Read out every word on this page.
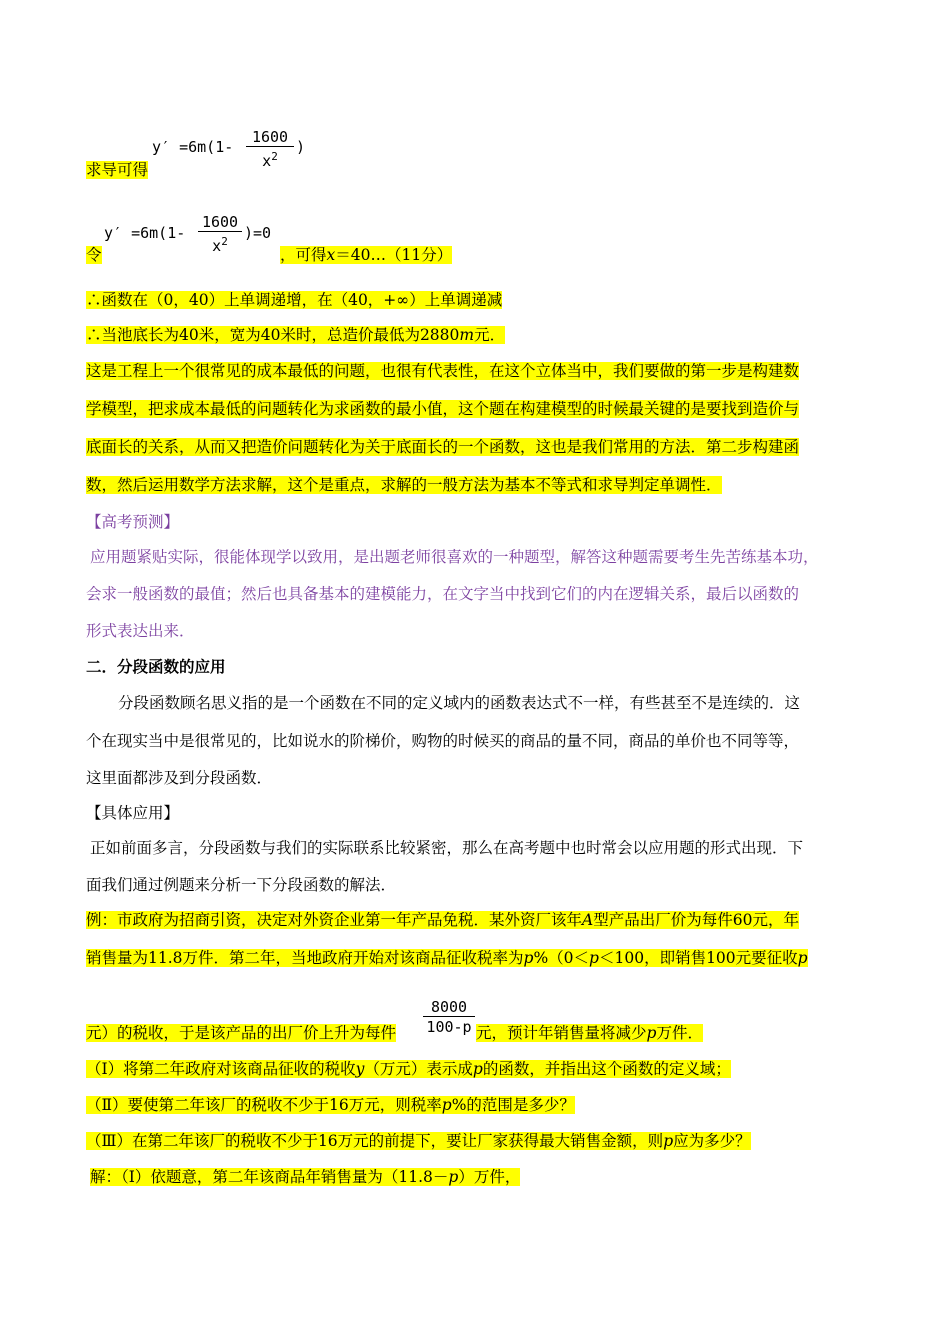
$y' =6m(1- \frac{1600}{x^2}$ )
求导可得
$y' =6m(1- \frac{1600}{x^2} )=0$
令	，可得x＝40…（11分）
∴函数在（0，40）上单调递增，在（40，+∞）上单调递减
∴当池底长为40米，宽为40米时，总造价最低为2880m元．
这是工程上一个很常见的成本最低的问题，也很有代表性，在这个立体当中，我们要做的第一步是构建数
学模型，把求成本最低的问题转化为求函数的最小值，这个题在构建模型的时候最关键的是要找到造价与
底面长的关系，从而又把造价问题转化为关于底面长的一个函数，这也是我们常用的方法．第二步构建函
数，然后运用数学方法求解，这个是重点，求解的一般方法为基本不等式和求导判定单调性．
【高考预测】
应用题紧贴实际，很能体现学以致用，是出题老师很喜欢的一种题型，解答这种题需要考生先苦练基本功，
会求一般函数的最值；然后也具备基本的建模能力，在文字当中找到它们的内在逻辑关系，最后以函数的
形式表达出来．
二．分段函数的应用
分段函数顾名思义指的是一个函数在不同的定义域内的函数表达式不一样，有些甚至不是连续的．这
个在现实当中是很常见的，比如说水的阶梯价，购物的时候买的商品的量不同，商品的单价也不同等等，
这里面都涉及到分段函数．
【具体应用】
正如前面多言，分段函数与我们的实际联系比较紧密，那么在高考题中也时常会以应用题的形式出现．下
面我们通过例题来分析一下分段函数的解法．
例：市政府为招商引资，决定对外资企业第一年产品免税．某外资厂该年A型产品出厂价为每件60元，年
销售量为11.8万件．第二年，当地政府开始对该商品征收税率为p%（0＜p＜100，即销售100元要征收p
$\frac{8000}{100-p}$
元）的税收，于是该产品的出厂价上升为每件	元，预计年销售量将减少p万件．
（Ⅰ）将第二年政府对该商品征收的税收y（万元）表示成p的函数，并指出这个函数的定义域；
（Ⅱ）要使第二年该厂的税收不少于16万元，则税率p%的范围是多少？
（Ⅲ）在第二年该厂的税收不少于16万元的前提下，要让厂家获得最大销售金额，则p应为多少？
解：（Ⅰ）依题意，第二年该商品年销售量为（11.8－p）万件，
